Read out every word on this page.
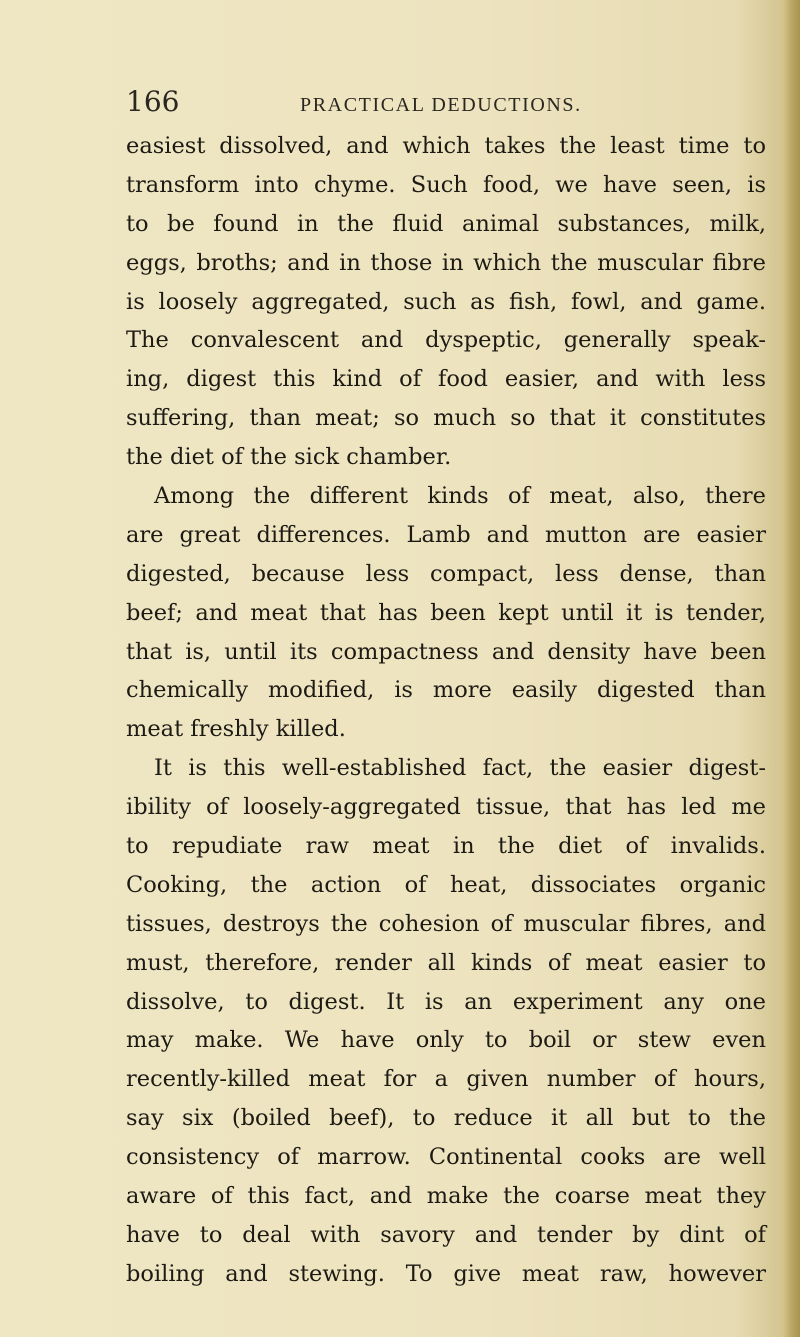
166	PRACTICAL DEDUCTIONS.
easiest dissolved, and which takes the least time to
transform into chyme. Such food, we have seen, is
to be found in the fluid animal substances, milk,
eggs, broths; and in those in which the muscular fibre
is loosely aggregated, such as fish, fowl, and game.
The convalescent and dyspeptic, generally speak-
ing, digest this kind of food easier, and with less
suffering, than meat; so much so that it constitutes
the diet of the sick chamber.
Among the different kinds of meat, also, there
are great differences. Lamb and mutton are easier
digested, because less compact, less dense, than
beef; and meat that has been kept until it is tender,
that is, until its compactness and density have been
chemically modified, is more easily digested than
meat freshly killed.
It is this well-established fact, the easier digest-
ibility of loosely-aggregated tissue, that has led me
to repudiate raw meat in the diet of invalids.
Cooking, the action of heat, dissociates organic
tissues, destroys the cohesion of muscular fibres, and
must, therefore, render all kinds of meat easier to
dissolve, to digest. It is an experiment any one
may make. We have only to boil or stew even
recently-killed meat for a given number of hours,
say six (boiled beef), to reduce it all but to the
consistency of marrow. Continental cooks are well
aware of this fact, and make the coarse meat they
have to deal with savory and tender by dint of
boiling and stewing. To give meat raw, however
